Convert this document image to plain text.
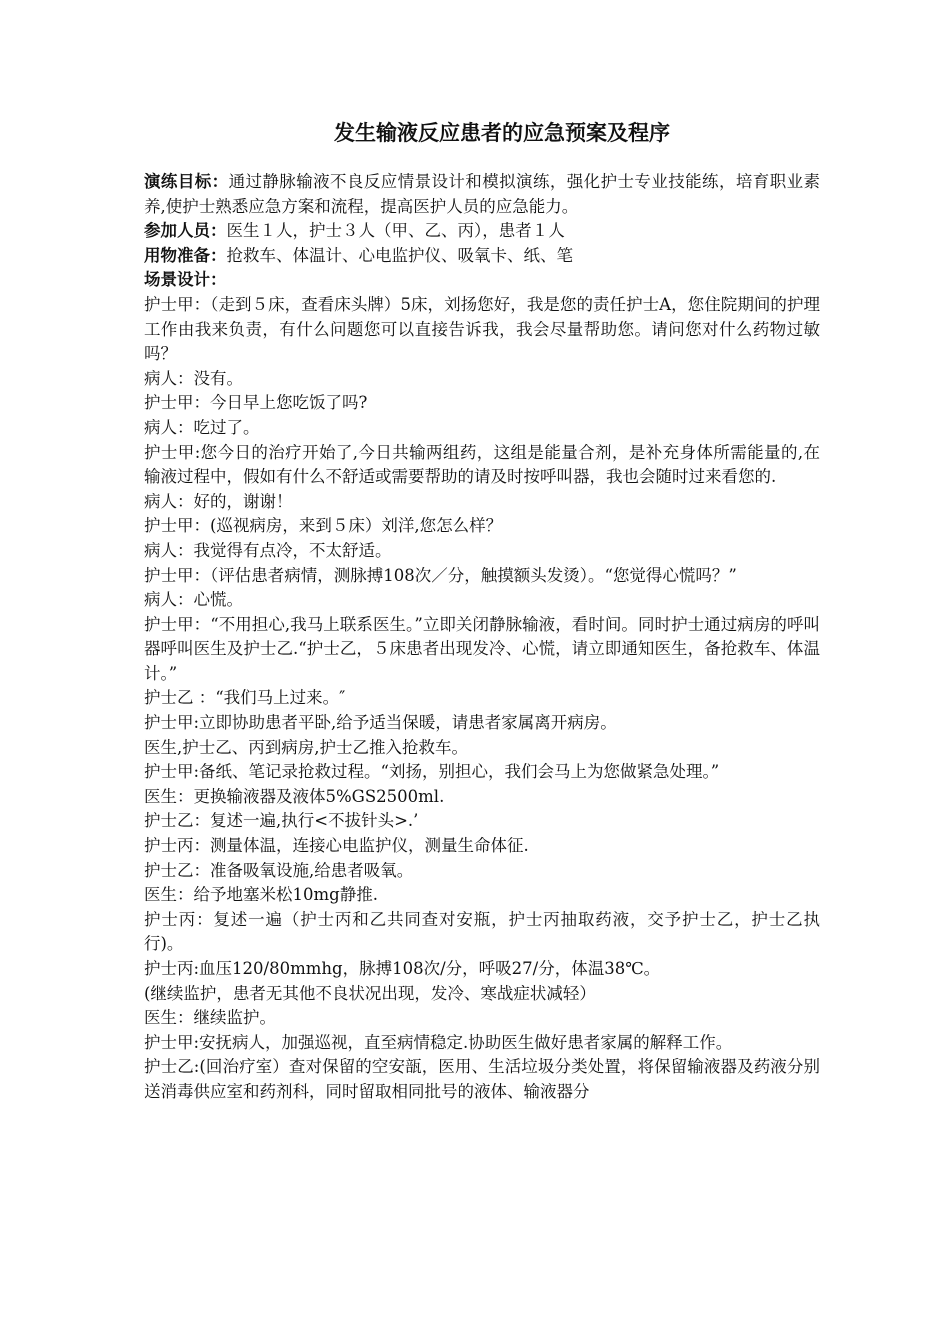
发生输液反应患者的应急预案及程序

演练目标：通过静脉输液不良反应情景设计和模拟演练，强化护士专业技能练，培育职业素养,使护士熟悉应急方案和流程，提高医护人员的应急能力。

参加人员：医生１人，护士３人（甲、乙、丙），患者１人

用物准备：抢救车、体温计、心电监护仪、吸氧卡、纸、笔

场景设计：

护士甲：（走到５床，查看床头牌）5床，刘扬您好，我是您的责任护士A，您住院期间的护理工作由我来负责，有什么问题您可以直接告诉我，我会尽量帮助您。请问您对什么药物过敏吗？

病人：没有。

护士甲：今日早上您吃饭了吗?

病人：吃过了。

护士甲:您今日的治疗开始了,今日共输两组药，这组是能量合剂，是补充身体所需能量的,在输液过程中，假如有什么不舒适或需要帮助的请及时按呼叫器，我也会随时过来看您的.

病人：好的，谢谢！

护士甲：(巡视病房，来到５床）刘洋,您怎么样？

病人：我觉得有点冷，不太舒适。

护士甲：（评估患者病情，测脉搏108次／分，触摸额头发烫）。“您觉得心慌吗？”

病人：心慌。

护士甲：“不用担心,我马上联系医生。”立即关闭静脉输液，看时间。同时护士通过病房的呼叫器呼叫医生及护士乙.“护士乙，５床患者出现发冷、心慌，请立即通知医生，备抢救车、体温计。”

护士乙 ：“我们马上过来。″

护士甲:立即协助患者平卧,给予适当保暖，请患者家属离开病房。

医生,护士乙、丙到病房,护士乙推入抢救车。

护士甲:备纸、笔记录抢救过程。“刘扬，别担心，我们会马上为您做紧急处理。”

医生：更换输液器及液体5%GS2500ml.

护士乙：复述一遍,执行<不拔针头>.’

护士丙：测量体温，连接心电监护仪，测量生命体征.

护士乙：准备吸氧设施,给患者吸氧。

医生：给予地塞米松10mg静推.

护士丙：复述一遍（护士丙和乙共同查对安瓶，护士丙抽取药液，交予护士乙，护士乙执行)。

护士丙:血压120/80mmhg，脉搏108次/分，呼吸27/分，体温38℃。

(继续监护，患者无其他不良状况出现，发冷、寒战症状减轻）

医生：继续监护。

护士甲:安抚病人，加强巡视，直至病情稳定.协助医生做好患者家属的解释工作。

护士乙:(回治疗室）查对保留的空安瓿，医用、生活垃圾分类处置，将保留输液器及药液分别送消毒供应室和药剂科，同时留取相同批号的液体、输液器分
